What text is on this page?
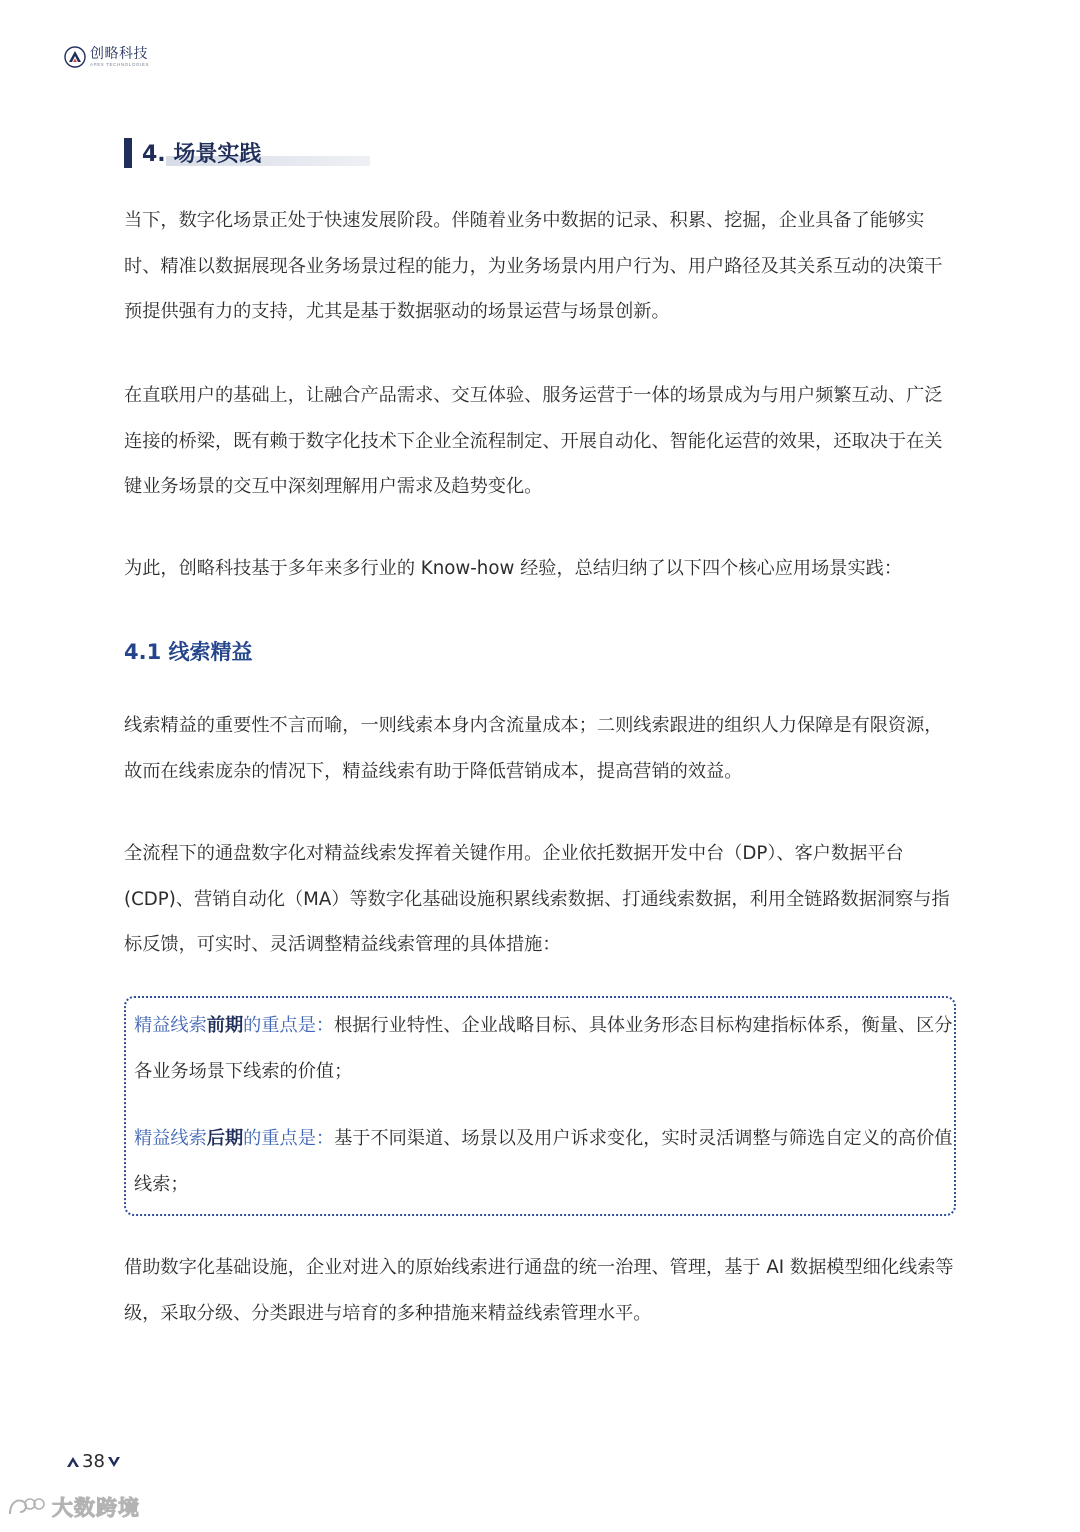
创略科技
APEX TECHNOLOGIES
4. 场景实践

当下，数字化场景正处于快速发展阶段。伴随着业务中数据的记录、积累、挖掘，企业具备了能够实时、精准以数据展现各业务场景过程的能力，为业务场景内用户行为、用户路径及其关系互动的决策干预提供强有力的支持，尤其是基于数据驱动的场景运营与场景创新。

在直联用户的基础上，让融合产品需求、交互体验、服务运营于一体的场景成为与用户频繁互动、广泛连接的桥梁，既有赖于数字化技术下企业全流程制定、开展自动化、智能化运营的效果，还取决于在关键业务场景的交互中深刻理解用户需求及趋势变化。

为此，创略科技基于多年来多行业的 Know-how 经验，总结归纳了以下四个核心应用场景实践：

4.1 线索精益

线索精益的重要性不言而喻，一则线索本身内含流量成本；二则线索跟进的组织人力保障是有限资源，故而在线索庞杂的情况下，精益线索有助于降低营销成本，提高营销的效益。

全流程下的通盘数字化对精益线索发挥着关键作用。企业依托数据开发中台（DP）、客户数据平台 (CDP)、营销自动化（MA）等数字化基础设施积累线索数据、打通线索数据，利用全链路数据洞察与指标反馈，可实时、灵活调整精益线索管理的具体措施：

精益线索前期的重点是：根据行业特性、企业战略目标、具体业务形态目标构建指标体系，衡量、区分各业务场景下线索的价值；

精益线索后期的重点是：基于不同渠道、场景以及用户诉求变化，实时灵活调整与筛选自定义的高价值线索；

借助数字化基础设施，企业对进入的原始线索进行通盘的统一治理、管理，基于 AI 数据模型细化线索等级，采取分级、分类跟进与培育的多种措施来精益线索管理水平。

38
大数跨境
